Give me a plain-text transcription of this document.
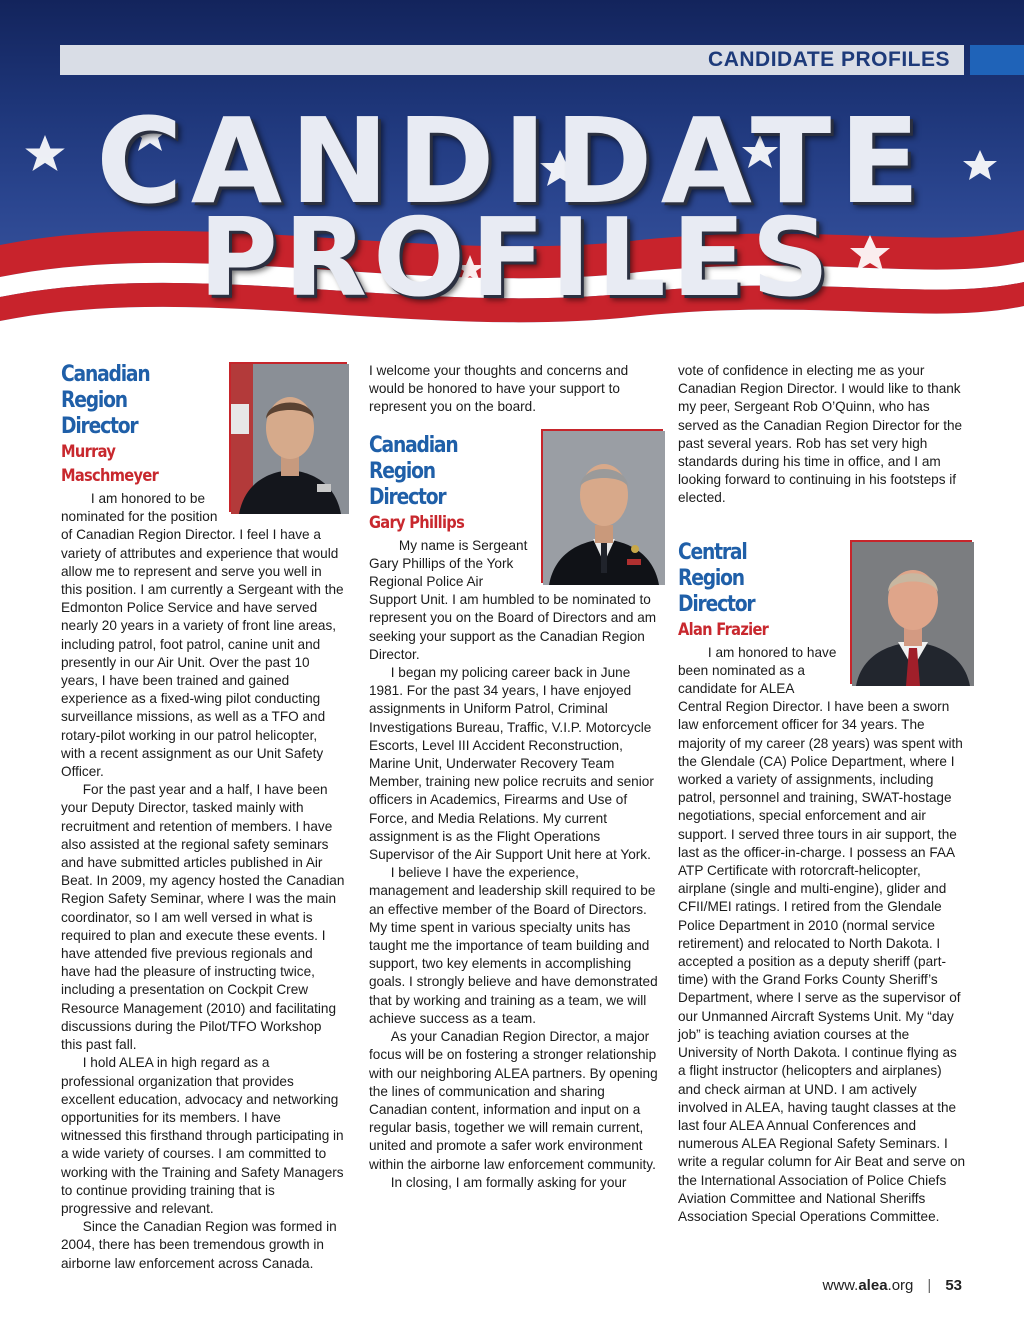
CANDIDATE PROFILES
CANDIDATE
PROFILES
Canadian
Region Director
Murray Maschmeyer

I am honored to be nominated for the position of Canadian Region Director. I feel I have a variety of attributes and experience that would allow me to represent and serve you well in this position. I am currently a Sergeant with the Edmonton Police Service and have served nearly 20 years in a variety of front line areas, including patrol, foot patrol, canine unit and presently in our Air Unit. Over the past 10 years, I have been trained and gained experience as a fixed-wing pilot conducting surveillance missions, as well as a TFO and rotary-pilot working in our patrol helicopter, with a recent assignment as our Unit Safety Officer.

For the past year and a half, I have been your Deputy Director, tasked mainly with recruitment and retention of members. I have also assisted at the regional safety seminars and have submitted articles published in Air Beat. In 2009, my agency hosted the Canadian Region Safety Seminar, where I was the main coordinator, so I am well versed in what is required to plan and execute these events. I have attended five previous regionals and have had the pleasure of instructing twice, including a presentation on Cockpit Crew Resource Management (2010) and facilitating discussions during the Pilot/TFO Workshop this past fall.

I hold ALEA in high regard as a professional organization that provides excellent education, advocacy and networking opportunities for its members. I have witnessed this firsthand through participating in a wide variety of courses. I am committed to working with the Training and Safety Managers to continue providing training that is progressive and relevant.

Since the Canadian Region was formed in 2004, there has been tremendous growth in airborne law enforcement across Canada.

I welcome your thoughts and concerns and would be honored to have your support to represent you on the board.

Canadian
Region Director
Gary Phillips

My name is Sergeant Gary Phillips of the York Regional Police Air Support Unit. I am humbled to be nominated to represent you on the Board of Directors and am seeking your support as the Canadian Region Director.

I began my policing career back in June 1981. For the past 34 years, I have enjoyed assignments in Uniform Patrol, Criminal Investigations Bureau, Traffic, V.I.P. Motorcycle Escorts, Level III Accident Reconstruction, Marine Unit, Underwater Recovery Team Member, training new police recruits and senior officers in Academics, Firearms and Use of Force, and Media Relations. My current assignment is as the Flight Operations Supervisor of the Air Support Unit here at York.

I believe I have the experience, management and leadership skill required to be an effective member of the Board of Directors. My time spent in various specialty units has taught me the importance of team building and support, two key elements in accomplishing goals. I strongly believe and have demonstrated that by working and training as a team, we will achieve success as a team.

As your Canadian Region Director, a major focus will be on fostering a stronger relationship with our neighboring ALEA partners. By opening the lines of communication and sharing Canadian content, information and input on a regular basis, together we will remain current, united and promote a safer work environment within the airborne law enforcement community.

In closing, I am formally asking for your

vote of confidence in electing me as your Canadian Region Director. I would like to thank my peer, Sergeant Rob O’Quinn, who has served as the Canadian Region Director for the past several years. Rob has set very high standards during his time in office, and I am looking forward to continuing in his footsteps if elected.

Central Region
Director
Alan Frazier

I am honored to have been nominated as a candidate for ALEA Central Region Director. I have been a sworn law enforcement officer for 34 years. The majority of my career (28 years) was spent with the Glendale (CA) Police Department, where I worked a variety of assignments, including patrol, personnel and training, SWAT-hostage negotiations, special enforcement and air support. I served three tours in air support, the last as the officer-in-charge. I possess an FAA ATP Certificate with rotorcraft-helicopter, airplane (single and multi-engine), glider and CFII/MEI ratings. I retired from the Glendale Police Department in 2010 (normal service retirement) and relocated to North Dakota. I accepted a position as a deputy sheriff (part-time) with the Grand Forks County Sheriff’s Department, where I serve as the supervisor of our Unmanned Aircraft Systems Unit. My “day job” is teaching aviation courses at the University of North Dakota. I continue flying as a flight instructor (helicopters and airplanes) and check airman at UND. I am actively involved in ALEA, having taught classes at the last four ALEA Annual Conferences and numerous ALEA Regional Safety Seminars. I write a regular column for Air Beat and serve on the International Association of Police Chiefs Aviation Committee and National Sheriffs Association Special Operations Committee.

www.alea.org | 53
